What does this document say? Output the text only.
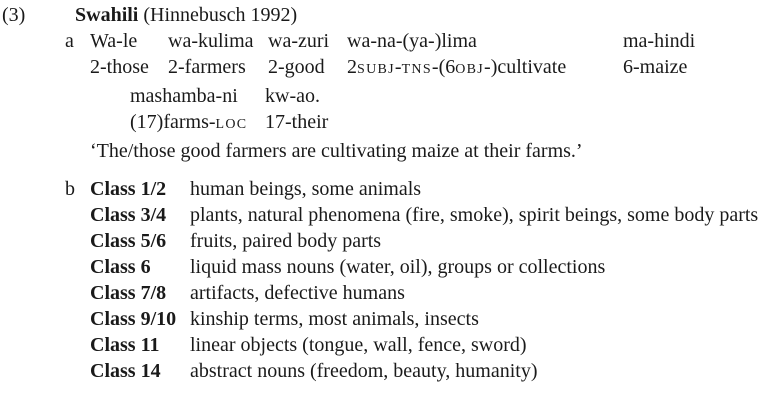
(3) Swahili (Hinnebusch 1992)
a Wa-le	wa-kulima	wa-zuri	wa-na-(ya-)lima	ma-hindi
2-those	2-farmers	2-good	2SUBJ-TNS-(6OBJ-)cultivate	6-maize
mashamba-ni	kw-ao.
(17)farms-LOC	17-their
‘The/those good farmers are cultivating maize at their farms.’
b Class 1/2	human beings, some animals
Class 3/4	plants, natural phenomena (fire, smoke), spirit beings, some body parts
Class 5/6	fruits, paired body parts
Class 6	liquid mass nouns (water, oil), groups or collections
Class 7/8	artifacts, defective humans
Class 9/10 kinship terms, most animals, insects
Class 11	linear objects (tongue, wall, fence, sword)
Class 14	abstract nouns (freedom, beauty, humanity)
